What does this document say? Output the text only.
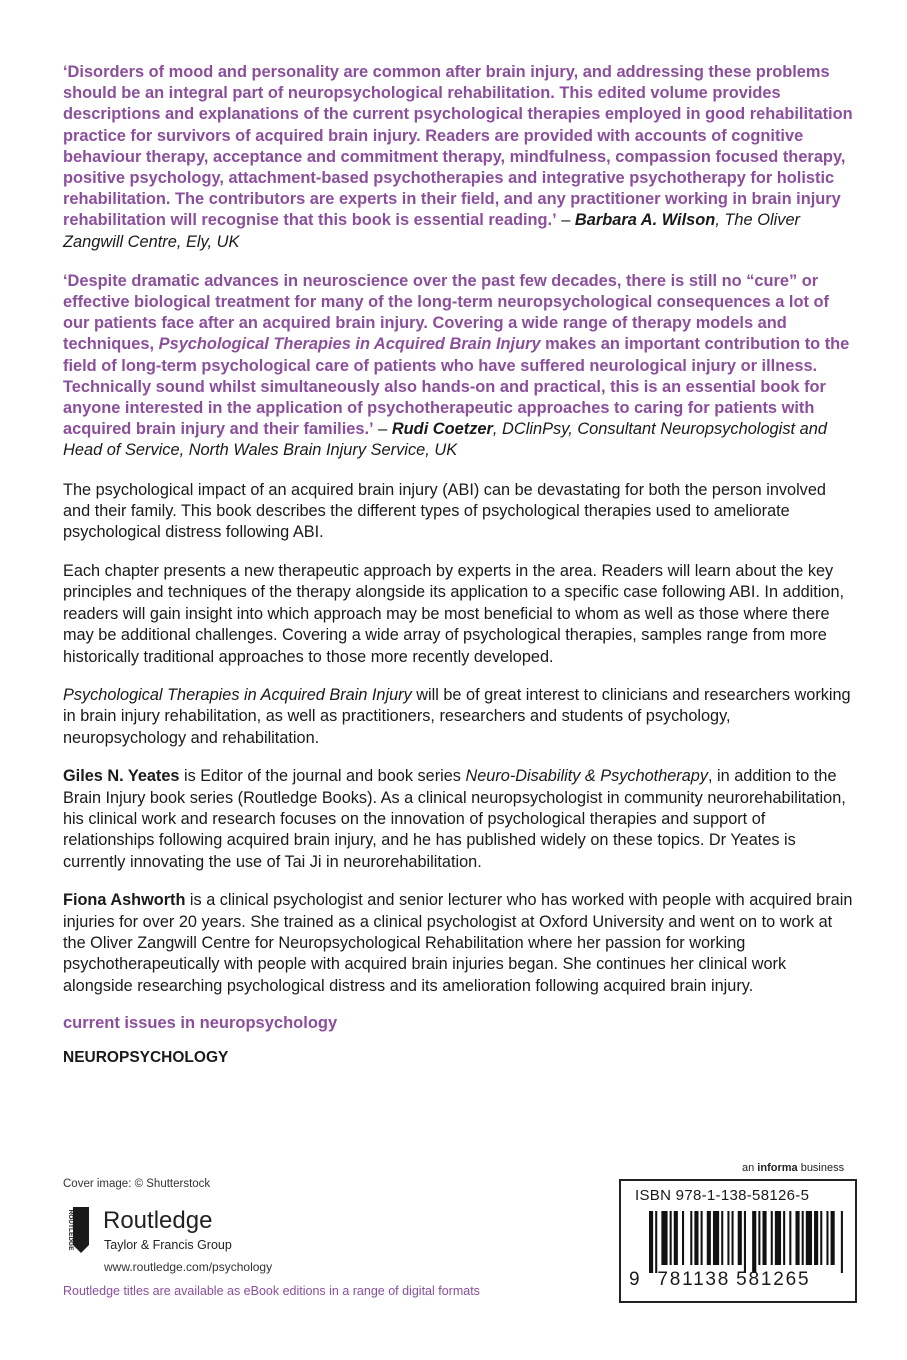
‘Disorders of mood and personality are common after brain injury, and addressing these problems should be an integral part of neuropsychological rehabilitation. This edited volume provides descriptions and explanations of the current psychological therapies employed in good rehabilitation practice for survivors of acquired brain injury. Readers are provided with accounts of cognitive behaviour therapy, acceptance and commitment therapy, mindfulness, compassion focused therapy, positive psychology, attachment-based psychotherapies and integrative psychotherapy for holistic rehabilitation. The contributors are experts in their field, and any practitioner working in brain injury rehabilitation will recognise that this book is essential reading.’ – Barbara A. Wilson, The Oliver Zangwill Centre, Ely, UK

‘Despite dramatic advances in neuroscience over the past few decades, there is still no “cure” or effective biological treatment for many of the long-term neuropsychological consequences a lot of our patients face after an acquired brain injury. Covering a wide range of therapy models and techniques, Psychological Therapies in Acquired Brain Injury makes an important contribution to the field of long-term psychological care of patients who have suffered neurological injury or illness. Technically sound whilst simultaneously also hands-on and practical, this is an essential book for anyone interested in the application of psychotherapeutic approaches to caring for patients with acquired brain injury and their families.’ – Rudi Coetzer, DClinPsy, Consultant Neuropsychologist and Head of Service, North Wales Brain Injury Service, UK

The psychological impact of an acquired brain injury (ABI) can be devastating for both the person involved and their family. This book describes the different types of psychological therapies used to ameliorate psychological distress following ABI.

Each chapter presents a new therapeutic approach by experts in the area. Readers will learn about the key principles and techniques of the therapy alongside its application to a specific case following ABI. In addition, readers will gain insight into which approach may be most beneficial to whom as well as those where there may be additional challenges. Covering a wide array of psychological therapies, samples range from more historically traditional approaches to those more recently developed.

Psychological Therapies in Acquired Brain Injury will be of great interest to clinicians and researchers working in brain injury rehabilitation, as well as practitioners, researchers and students of psychology, neuropsychology and rehabilitation.

Giles N. Yeates is Editor of the journal and book series Neuro-Disability & Psychotherapy, in addition to the Brain Injury book series (Routledge Books). As a clinical neuropsychologist in community neurorehabilitation, his clinical work and research focuses on the innovation of psychological therapies and support of relationships following acquired brain injury, and he has published widely on these topics. Dr Yeates is currently innovating the use of Tai Ji in neurorehabilitation.

Fiona Ashworth is a clinical psychologist and senior lecturer who has worked with people with acquired brain injuries for over 20 years. She trained as a clinical psychologist at Oxford University and went on to work at the Oliver Zangwill Centre for Neuropsychological Rehabilitation where her passion for working psychotherapeutically with people with acquired brain injuries began. She continues her clinical work alongside researching psychological distress and its amelioration following acquired brain injury.

current issues in neuropsychology
NEUROPSYCHOLOGY
Cover image: © Shutterstock
ROUTLEDGE Routledge
Taylor & Francis Group
www.routledge.com/psychology
Routledge titles are available as eBook editions in a range of digital formats
an informa business
ISBN 978-1-138-58126-5
9 781138 581265
